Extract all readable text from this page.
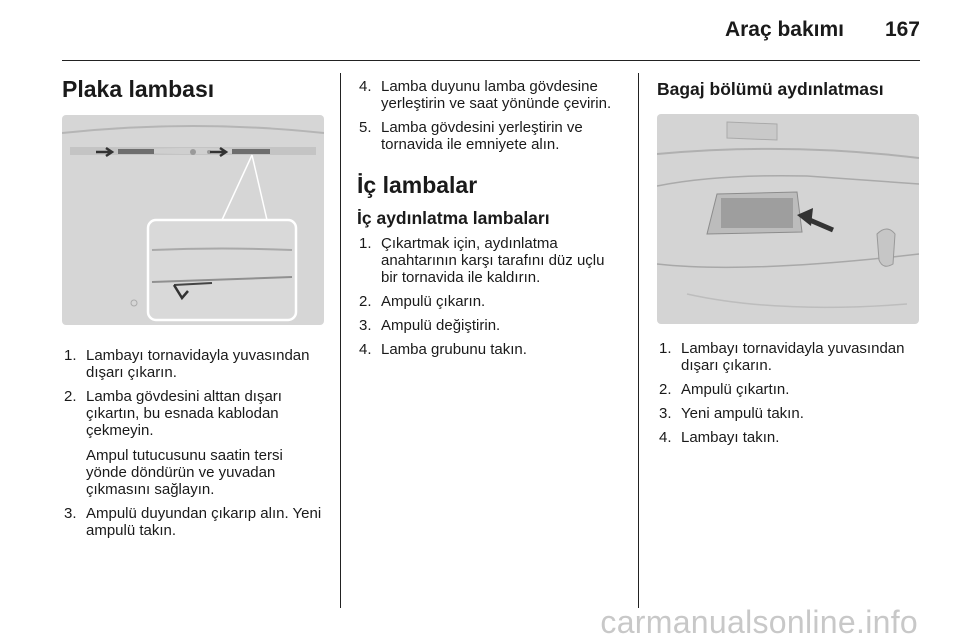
Araç bakımı 167
Plaka lambası
1. Lambayı tornavidayla yuvasından dışarı çıkarın.
2. Lamba gövdesini alttan dışarı çıkartın, bu esnada kablodan çekmeyin.
Ampul tutucusunu saatin tersi yönde döndürün ve yuvadan çıkmasını sağlayın.
3. Ampulü duyundan çıkarıp alın. Yeni ampulü takın.
4. Lamba duyunu lamba gövdesine yerleştirin ve saat yönünde çevirin.
5. Lamba gövdesini yerleştirin ve tornavida ile emniyete alın.
İç lambalar
İç aydınlatma lambaları
1. Çıkartmak için, aydınlatma anahtarının karşı tarafını düz uçlu bir tornavida ile kaldırın.
2. Ampulü çıkarın.
3. Ampulü değiştirin.
4. Lamba grubunu takın.
Bagaj bölümü aydınlatması
1. Lambayı tornavidayla yuvasından dışarı çıkarın.
2. Ampulü çıkartın.
3. Yeni ampulü takın.
4. Lambayı takın.
carmanualsonline.info
